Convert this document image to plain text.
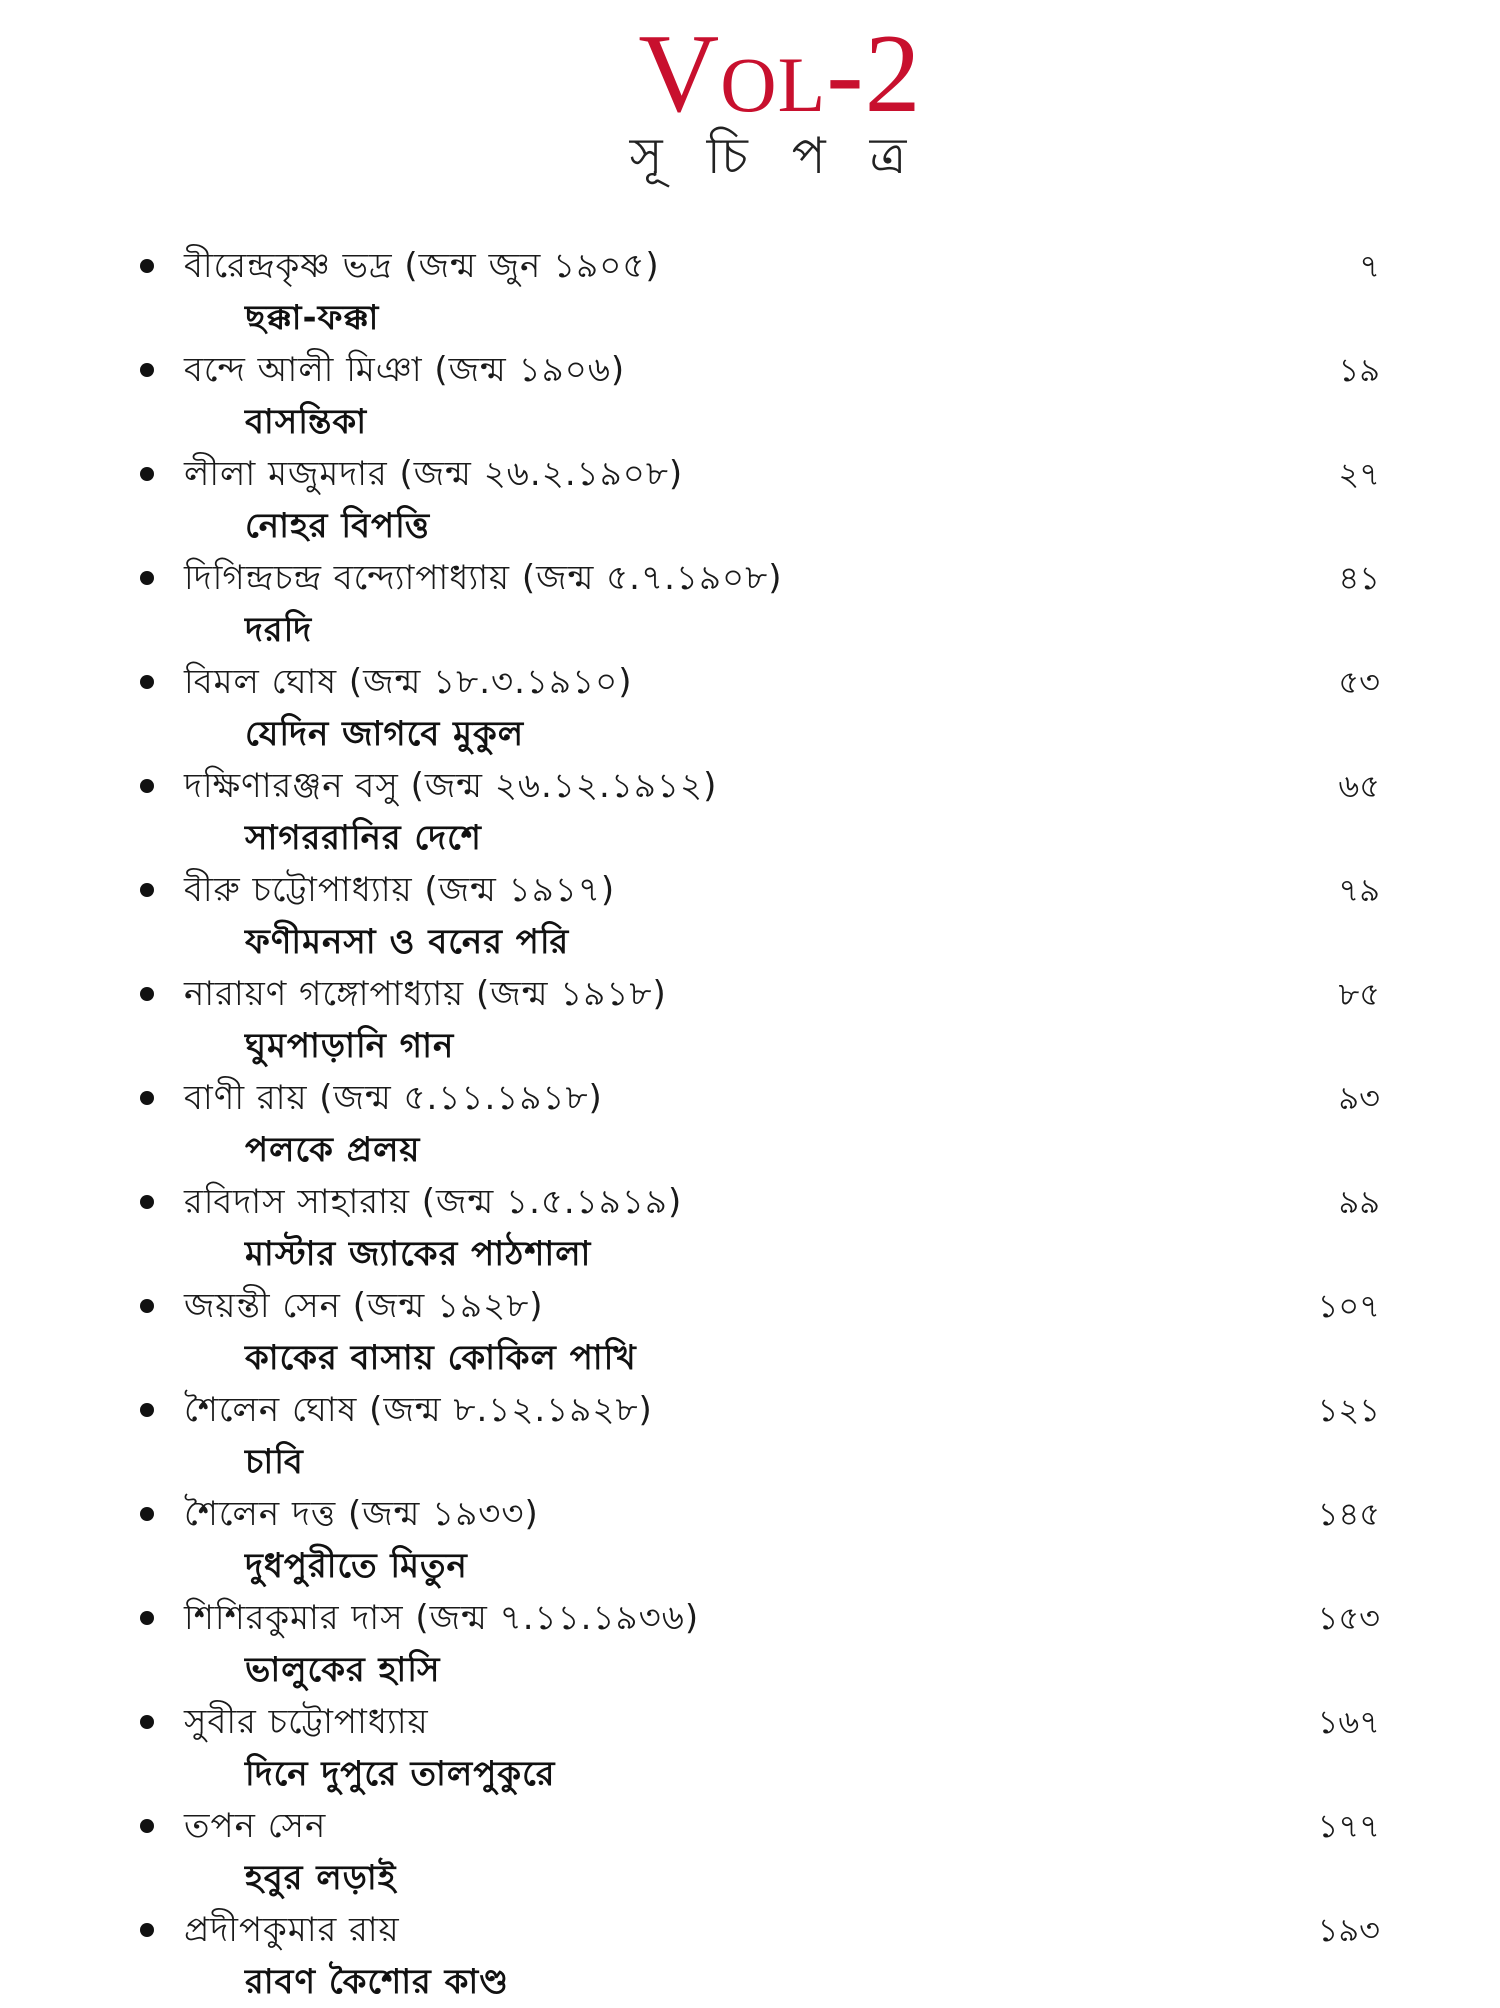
Vol-2
সূ চি প ত্র
বীরেন্দ্রকৃষ্ণ ভদ্র (জন্ম জুন ১৯০৫)	৭
ছক্কা-ফক্কা
বন্দে আলী মিঞা (জন্ম ১৯০৬)	১৯
বাসন্তিকা
লীলা মজুমদার (জন্ম ২৬.২.১৯০৮)	২৭
নোহর বিপত্তি
দিগিন্দ্রচন্দ্র বন্দ্যোপাধ্যায় (জন্ম ৫.৭.১৯০৮)	৪১
দরদি
বিমল ঘোষ (জন্ম ১৮.৩.১৯১০)	৫৩
যেদিন জাগবে মুকুল
দক্ষিণারঞ্জন বসু (জন্ম ২৬.১২.১৯১২)	৬৫
সাগররানির দেশে
বীরু চট্টোপাধ্যায় (জন্ম ১৯১৭)	৭৯
ফণীমনসা ও বনের পরি
নারায়ণ গঙ্গোপাধ্যায় (জন্ম ১৯১৮)	৮৫
ঘুমপাড়ানি গান
বাণী রায় (জন্ম ৫.১১.১৯১৮)	৯৩
পলকে প্রলয়
রবিদাস সাহারায় (জন্ম ১.৫.১৯১৯)	৯৯
মাস্টার জ্যাকের পাঠশালা
জয়ন্তী সেন (জন্ম ১৯২৮)	১০৭
কাকের বাসায় কোকিল পাখি
শৈলেন ঘোষ (জন্ম ৮.১২.১৯২৮)	১২১
চাবি
শৈলেন দত্ত (জন্ম ১৯৩৩)	১৪৫
দুধপুরীতে মিতুন
শিশিরকুমার দাস (জন্ম ৭.১১.১৯৩৬)	১৫৩
ভালুকের হাসি
সুবীর চট্টোপাধ্যায়	১৬৭
দিনে দুপুরে তালপুকুরে
তপন সেন	১৭৭
হবুর লড়াই
প্রদীপকুমার রায়	১৯৩
রাবণ কৈশোর কাণ্ড
